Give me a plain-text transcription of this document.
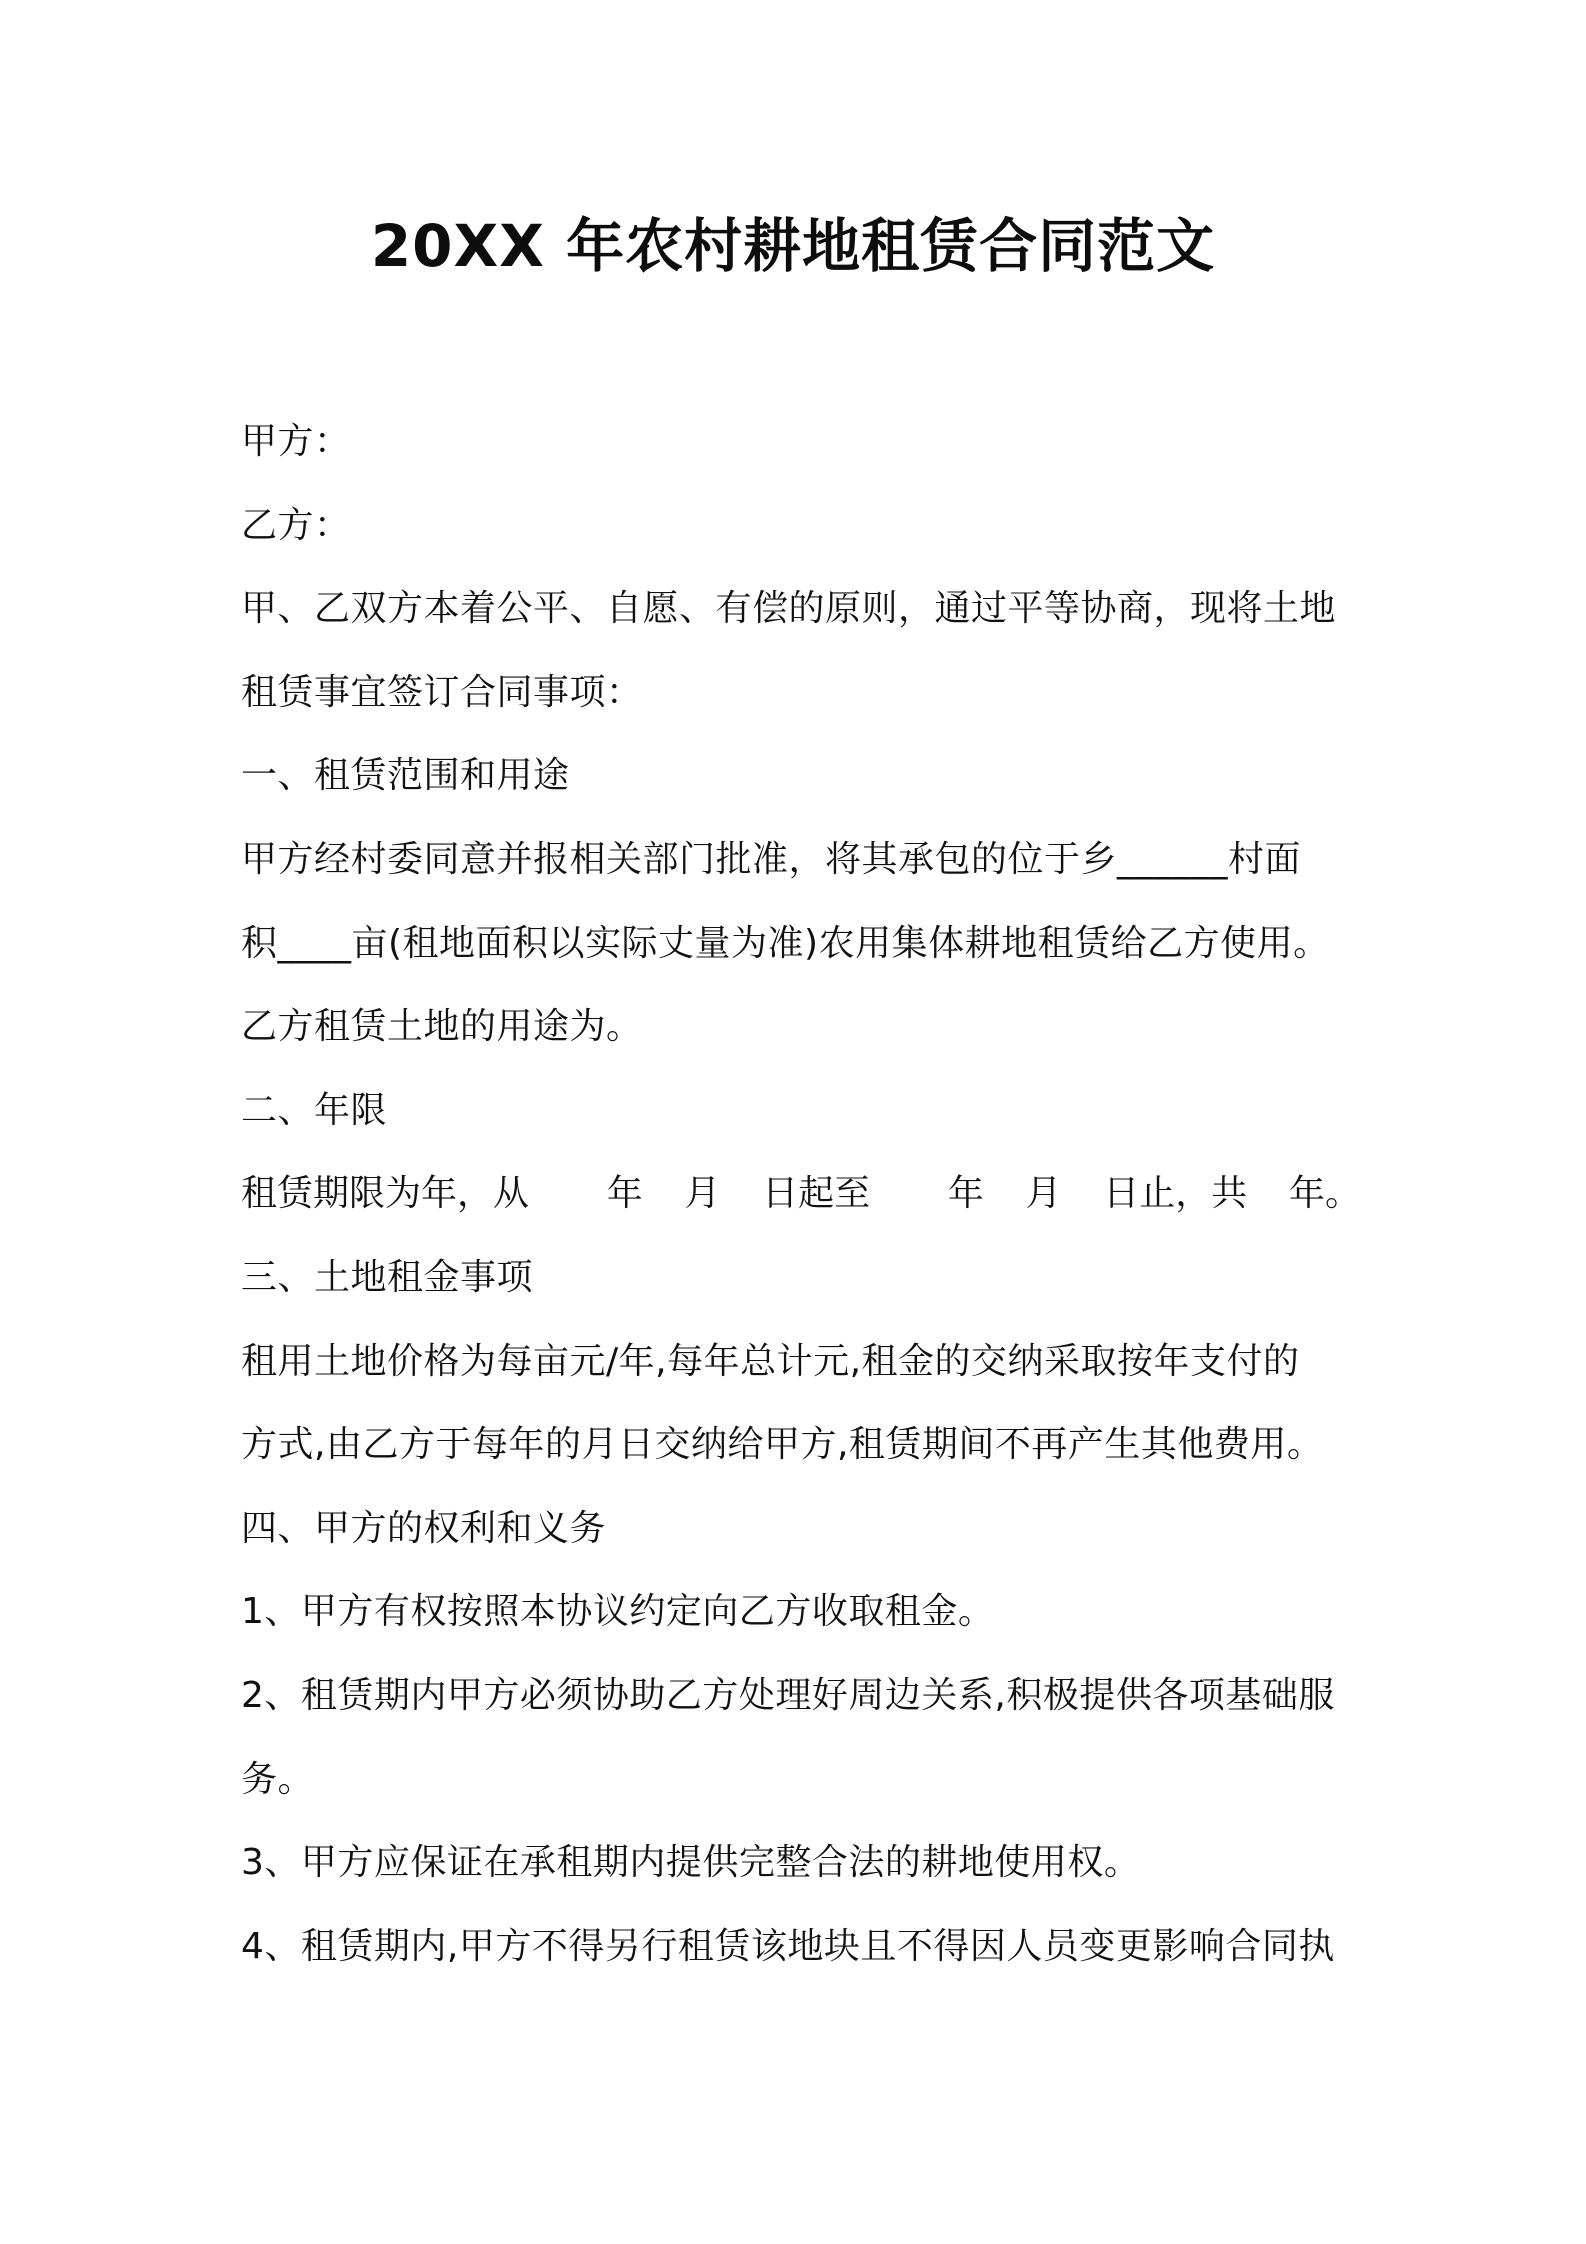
20XX 年农村耕地租赁合同范文
甲方：
乙方：
甲、乙双方本着公平、自愿、有偿的原则，通过平等协商，现将土地
租赁事宜签订合同事项：
一、租赁范围和用途
甲方经村委同意并报相关部门批准，将其承包的位于乡______村面
积____亩(租地面积以实际丈量为准)农用集体耕地租赁给乙方使用。
乙方租赁土地的用途为。
二、年限
租赁期限为年，从 年 月 日起至 年 月 日止，共 年。
三、土地租金事项
租用土地价格为每亩元/年,每年总计元,租金的交纳采取按年支付的
方式,由乙方于每年的月日交纳给甲方,租赁期间不再产生其他费用。
四、甲方的权利和义务
1、甲方有权按照本协议约定向乙方收取租金。
2、租赁期内甲方必须协助乙方处理好周边关系,积极提供各项基础服
务。
3、甲方应保证在承租期内提供完整合法的耕地使用权。
4、租赁期内,甲方不得另行租赁该地块且不得因人员变更影响合同执
